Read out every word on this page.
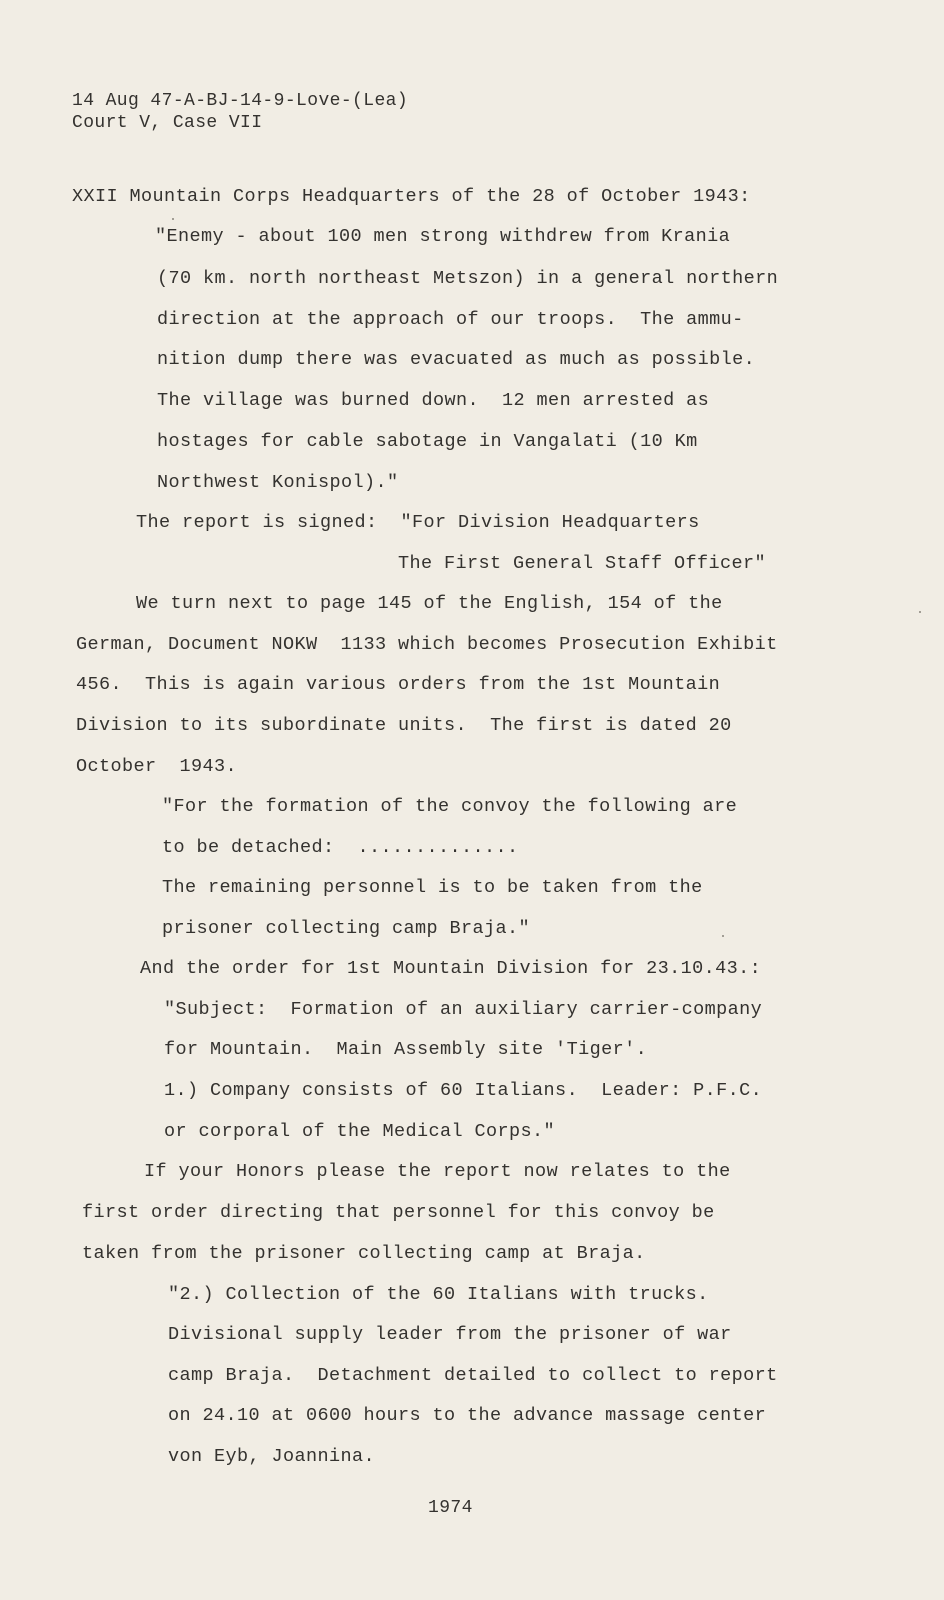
14 Aug 47-A-BJ-14-9-Love-(Lea)
Court V, Case VII
XXII Mountain Corps Headquarters of the 28 of October 1943:
"Enemy - about 100 men strong withdrew from Krania
(70 km. north northeast Metszon) in a general northern
direction at the approach of our troops.  The ammu-
nition dump there was evacuated as much as possible.
The village was burned down.  12 men arrested as
hostages for cable sabotage in Vangalati (10 Km
Northwest Konispol)."
The report is signed:  "For Division Headquarters
The First General Staff Officer"
We turn next to page 145 of the English, 154 of the
German, Document NOKW  1133 which becomes Prosecution Exhibit
456.  This is again various orders from the 1st Mountain
Division to its subordinate units.  The first is dated 20
October  1943.
"For the formation of the convoy the following are
to be detached:  ..............
The remaining personnel is to be taken from the
prisoner collecting camp Braja."
And the order for 1st Mountain Division for 23.10.43.:
"Subject:  Formation of an auxiliary carrier-company
for Mountain.  Main Assembly site 'Tiger'.
1.) Company consists of 60 Italians.  Leader: P.F.C.
or corporal of the Medical Corps."
If your Honors please the report now relates to the
first order directing that personnel for this convoy be
taken from the prisoner collecting camp at Braja.
"2.) Collection of the 60 Italians with trucks.
Divisional supply leader from the prisoner of war
camp Braja.  Detachment detailed to collect to report
on 24.10 at 0600 hours to the advance massage center
von Eyb, Joannina.
1974
